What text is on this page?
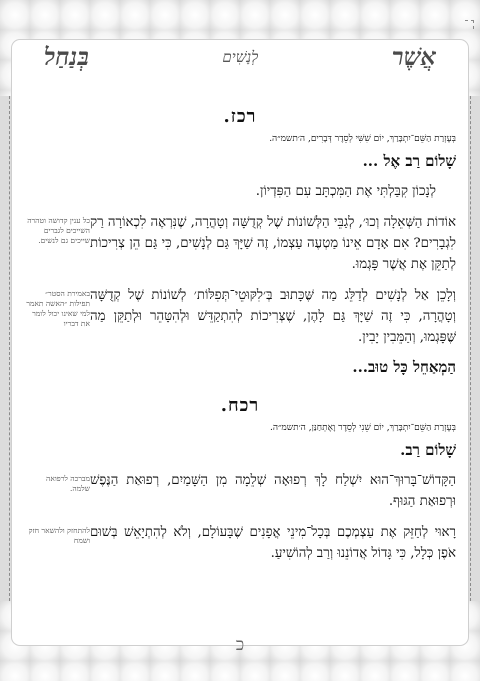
אֲשֶׁר
לְנָשִׁים
בְּנַחַל
רכז.
בְּעֶזְרַת הַשֵּׁם־יִתְבָּרַךְ, יוֹם שִׁשִּׁי לְסֵדֶר דְּבָרִים, ה׳תשמ״ה.
שָׁלוֹם רַב אֶל ...
לְנָכוֹן קִבַּלְתִּי אֶת הַמִּכְתָּב עִם הַפִּדְיוֹן.
אוֹדוֹת הַשְּׁאֵלָה וְכוּ׳, לְגַבֵּי הַלְּשׁוֹנוֹת שֶׁל קְדֻשָּׁה וְטָהֳרָה, שֶׁנִּרְאֶה לִכְאוֹרָה רַק לִגְבָרִים? אִם אָדָם אֵינוֹ מַטְעֶה עַצְמוֹ, זֶה שַׁיָּךְ גַּם לְנָשִׁים, כִּי גַּם הֵן צְרִיכוֹת לְתַקֵּן אֶת אֲשֶׁר פָּגְמוּ.
כל ענין קדושה וטהרה השייכים לגברים שייכים גם לנשים.
וְלָכֵן אַל לְנָשִׁים לְדַלֵּג מַה שֶּׁכָּתוּב בְּ׳לִקּוּטֵי־תְּפִלּוֹת׳ לְשׁוֹנוֹת שֶׁל קְדֻשָּׁה וְטָהֳרָה, כִּי זֶה שַׁיָּךְ גַּם לָהֶן, שֶׁצְּרִיכוֹת לְהִתְקַדֵּשׁ וּלְהִטָּהֵר וּלְתַקֵּן מַה שֶּׁפָּגְמוּ, וְהַמֵּבִין יָבִין.
באמירת הסטר״ תפילות ״האשה תאמר למי שאינו יכול לומר את דבריו
הַמְאַחֵל כָּל טוּב...
רכח.
בְּעֶזְרַת הַשֵּׁם־יִתְבָּרַךְ, יוֹם שֵׁנִי לְסֵדֶר וָאֶתְחַנַּן, ה׳תשמ״ה.
שָׁלוֹם רַב.
הַקָּדוֹשׁ־בָּרוּךְ־הוּא יִשְׁלַח לָךְ רְפוּאָה שְׁלֵמָה מִן הַשָּׁמַיִם, רְפוּאַת הַנֶּפֶשׁ וּרְפוּאַת הַגּוּף.
מברכה לרפואה שלמה.
רָאוּי לְחַזֵּק אֶת עַצְמְכֶם בְּכָל־מִינֵי אֳפָנִים שֶׁבָּעוֹלָם, וְלֹא לְהִתְיָאֵשׁ בְּשׁוּם אֹפֶן כְּלָל, כִּי גָּדוֹל אֲדוֹנֵנוּ וְרַב לְהוֹשִׁיעַ.
להתחזק ולהשאר חזק ושמח
כ
